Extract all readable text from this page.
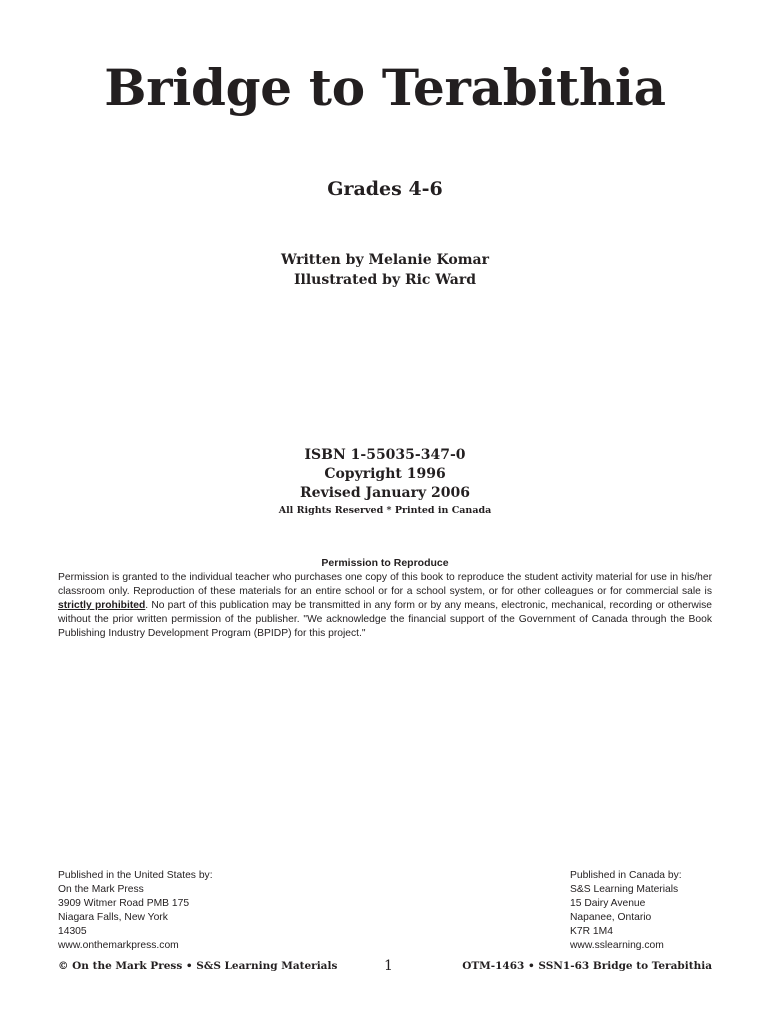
Bridge to Terabithia
Grades 4-6
Written by Melanie Komar
Illustrated by Ric Ward
ISBN 1-55035-347-0
Copyright 1996
Revised January 2006
All Rights Reserved * Printed in Canada
Permission to Reproduce
Permission is granted to the individual teacher who purchases one copy of this book to reproduce the student activity material for use in his/her classroom only. Reproduction of these materials for an entire school or for a school system, or for other colleagues or for commercial sale is strictly prohibited. No part of this publication may be transmitted in any form or by any means, electronic, mechanical, recording or otherwise without the prior written permission of the publisher. "We acknowledge the financial support of the Government of Canada through the Book Publishing Industry Development Program (BPIDP) for this project."
Published in the United States by:
On the Mark Press
3909 Witmer Road PMB 175
Niagara Falls, New York
14305
www.onthemarkpress.com
Published in Canada by:
S&S Learning Materials
15 Dairy Avenue
Napanee, Ontario
K7R 1M4
www.sslearning.com
© On the Mark Press • S&S Learning Materials	1	OTM-1463 • SSN1-63 Bridge to Terabithia
